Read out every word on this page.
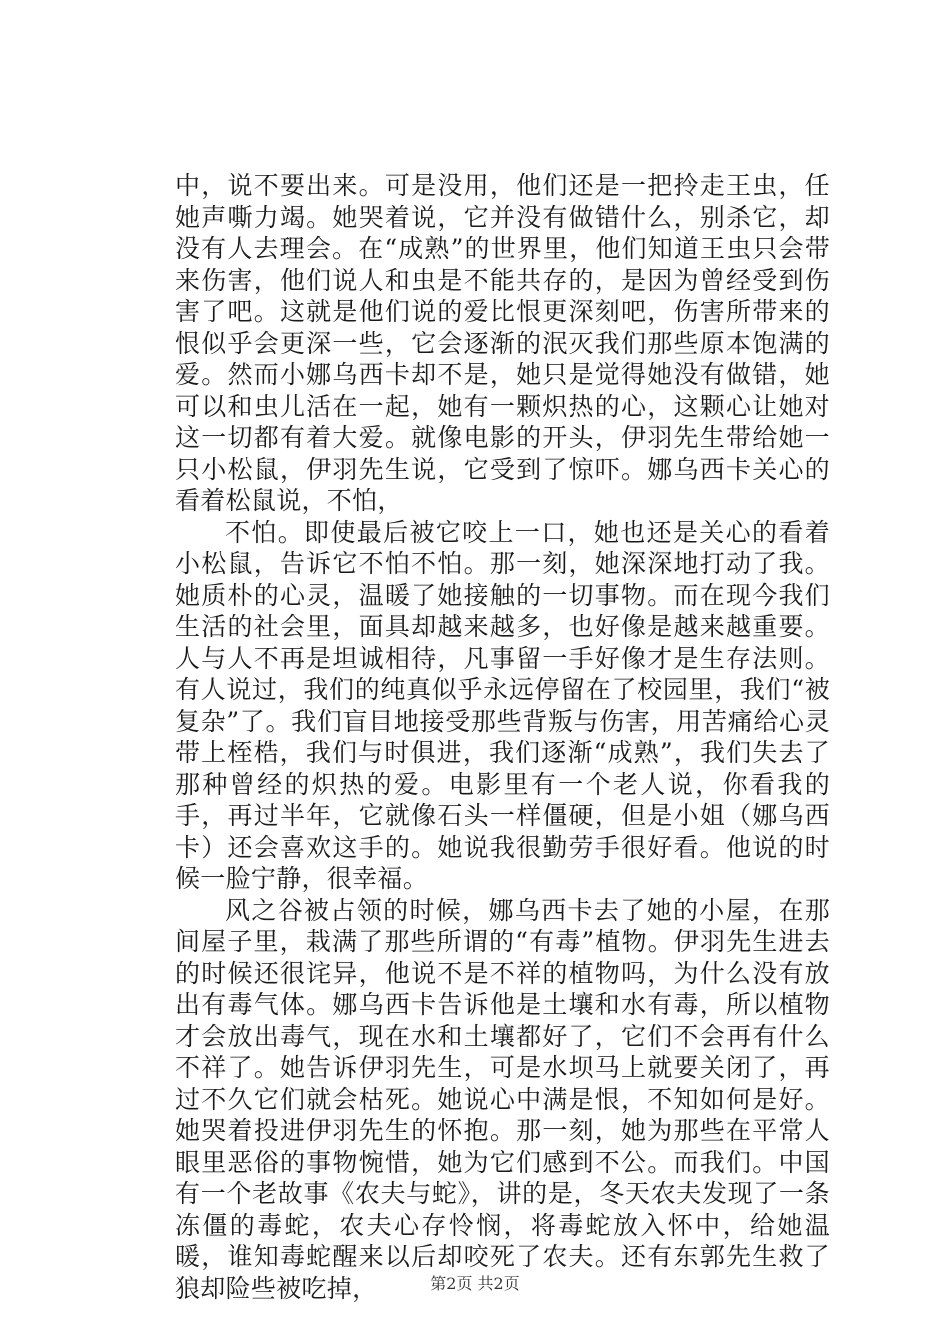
中，说不要出来。可是没用，他们还是一把拎走王虫，任她声嘶力竭。她哭着说，它并没有做错什么，别杀它，却没有人去理会。在“成熟”的世界里，他们知道王虫只会带来伤害，他们说人和虫是不能共存的，是因为曾经受到伤害了吧。这就是他们说的爱比恨更深刻吧，伤害所带来的恨似乎会更深一些，它会逐渐的泯灭我们那些原本饱满的爱。然而小娜乌西卡却不是，她只是觉得她没有做错，她可以和虫儿活在一起，她有一颗炽热的心，这颗心让她对这一切都有着大爱。就像电影的开头，伊羽先生带给她一只小松鼠，伊羽先生说，它受到了惊吓。娜乌西卡关心的看着松鼠说，不怕，

不怕。即使最后被它咬上一口，她也还是关心的看着小松鼠，告诉它不怕不怕。那一刻，她深深地打动了我。她质朴的心灵，温暖了她接触的一切事物。而在现今我们生活的社会里，面具却越来越多，也好像是越来越重要。人与人不再是坦诚相待，凡事留一手好像才是生存法则。有人说过，我们的纯真似乎永远停留在了校园里，我们“被复杂”了。我们盲目地接受那些背叛与伤害，用苦痛给心灵带上桎梏，我们与时俱进，我们逐渐“成熟”，我们失去了那种曾经的炽热的爱。电影里有一个老人说，你看我的手，再过半年，它就像石头一样僵硬，但是小姐（娜乌西卡）还会喜欢这手的。她说我很勤劳手很好看。他说的时候一脸宁静，很幸福。

风之谷被占领的时候，娜乌西卡去了她的小屋，在那间屋子里，栽满了那些所谓的“有毒”植物。伊羽先生进去的时候还很诧异，他说不是不祥的植物吗，为什么没有放出有毒气体。娜乌西卡告诉他是土壤和水有毒，所以植物才会放出毒气，现在水和土壤都好了，它们不会再有什么不祥了。她告诉伊羽先生，可是水坝马上就要关闭了，再过不久它们就会枯死。她说心中满是恨，不知如何是好。她哭着投进伊羽先生的怀抱。那一刻，她为那些在平常人眼里恶俗的事物惋惜，她为它们感到不公。而我们。中国有一个老故事《农夫与蛇》，讲的是，冬天农夫发现了一条冻僵的毒蛇，农夫心存怜悯，将毒蛇放入怀中，给她温暖，谁知毒蛇醒来以后却咬死了农夫。还有东郭先生救了狼却险些被吃掉，	第2页 共2页
